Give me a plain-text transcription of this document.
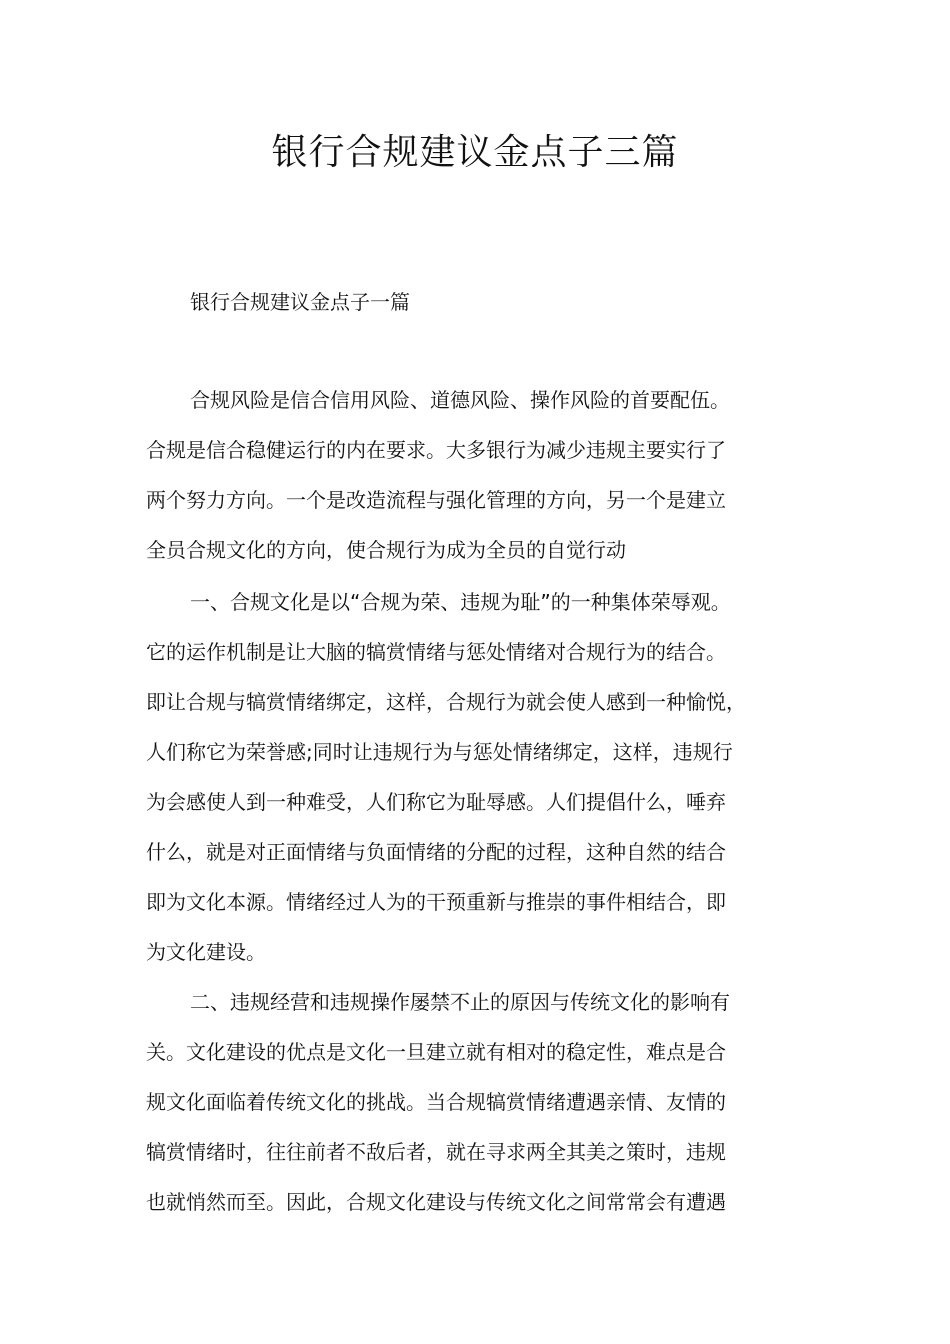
银行合规建议金点子三篇
银行合规建议金点子一篇
合规风险是信合信用风险、道德风险、操作风险的首要配伍。
合规是信合稳健运行的内在要求。大多银行为减少违规主要实行了
两个努力方向。一个是改造流程与强化管理的方向，另一个是建立
全员合规文化的方向，使合规行为成为全员的自觉行动
一、合规文化是以“合规为荣、违规为耻”的一种集体荣辱观。
它的运作机制是让大脑的犒赏情绪与惩处情绪对合规行为的结合。
即让合规与犒赏情绪绑定，这样，合规行为就会使人感到一种愉悦，
人们称它为荣誉感;同时让违规行为与惩处情绪绑定，这样，违规行
为会感使人到一种难受，人们称它为耻辱感。人们提倡什么，唾弃
什么，就是对正面情绪与负面情绪的分配的过程，这种自然的结合
即为文化本源。情绪经过人为的干预重新与推崇的事件相结合，即
为文化建设。
二、违规经营和违规操作屡禁不止的原因与传统文化的影响有
关。文化建设的优点是文化一旦建立就有相对的稳定性，难点是合
规文化面临着传统文化的挑战。当合规犒赏情绪遭遇亲情、友情的
犒赏情绪时，往往前者不敌后者，就在寻求两全其美之策时，违规
也就悄然而至。因此，合规文化建设与传统文化之间常常会有遭遇
